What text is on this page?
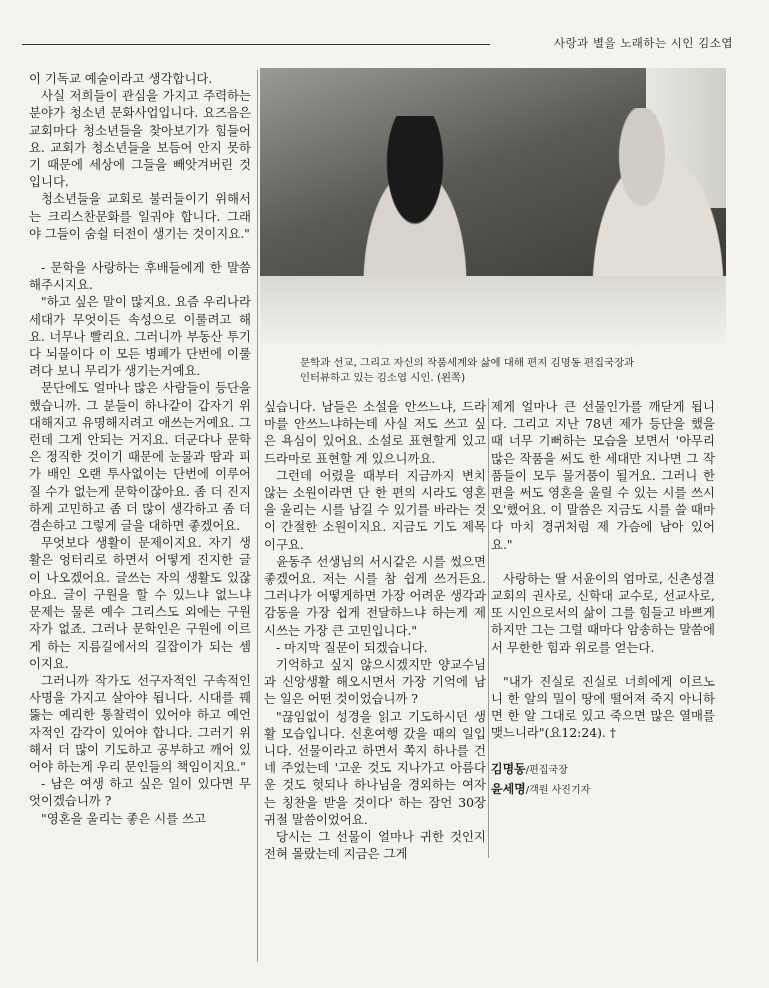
사랑과 별을 노래하는 시인 김소엽

이 기독교 예술이라고 생각합니다.

사실 저희들이 관심을 가지고 주력하는 분야가 청소년 문화사업입니다. 요즈음은 교회마다 청소년들을 찾아보기가 힘들어요. 교회가 청소년들을 보듬어 안지 못하기 때문에 세상에 그들을 빼앗겨버린 것입니다.

청소년들을 교회로 불러들이기 위해서는 크리스찬문화를 일궈야 합니다. 그래야 그들이 숨쉴 터전이 생기는 것이지요."

- 문학을 사랑하는 후배들에게 한 말씀 해주시지요.

"하고 싶은 말이 많지요. 요즘 우리나라 세대가 무엇이든 속성으로 이룰려고 해요. 너무나 빨리요. 그러니까 부동산 투기다 뇌물이다 이 모든 병폐가 단번에 이룰려다 보니 무리가 생기는거예요.

문단에도 얼마나 많은 사람들이 등단을 했습니까. 그 분들이 하나같이 갑자기 위대해지고 유명해지려고 애쓰는거예요. 그런데 그게 안되는 거지요. 더군다나 문학은 정직한 것이기 때문에 눈물과 땀과 피가 배인 오랜 투사없이는 단번에 이루어질 수가 없는게 문학이잖아요. 좀 더 진지하게 고민하고 좀 더 많이 생각하고 좀 더 겸손하고 그렇게 글을 대하면 좋겠어요.

무엇보다 생활이 문제이지요. 자기 생활은 엉터리로 하면서 어떻게 진지한 글이 나오겠어요. 글쓰는 자의 생활도 있잖아요. 글이 구원을 할 수 있느냐 없느냐 문제는 물론 예수 그리스도 외에는 구원자가 없죠. 그러나 문학인은 구원에 이르게 하는 지름길에서의 길잡이가 되는 셈이지요.

그러니까 작가도 선구자적인 구속적인 사명을 가지고 살아야 됩니다. 시대를 꿰뚫는 예리한 통찰력이 있어야 하고 예언자적인 감각이 있어야 합니다. 그러기 위해서 더 많이 기도하고 공부하고 깨어 있어야 하는게 우리 문인들의 책임이지요."

- 남은 여생 하고 싶은 일이 있다면 무엇이겠습니까 ?

"영혼을 울리는 좋은 시를 쓰고

문학과 선교, 그리고 자신의 작품세계와 삶에 대해 편지 김명동 편집국장과
인터뷰하고 있는 김소엽 시인. (왼쪽)

싶습니다. 남들은 소설을 안쓰느냐, 드라마를 안쓰느냐하는데 사실 저도 쓰고 싶은 욕심이 있어요. 소설로 표현할게 있고 드라마로 표현할 게 있으니까요.

그런데 어렸을 때부터 지금까지 변치 않는 소원이라면 단 한 편의 시라도 영혼을 울리는 시를 남길 수 있기를 바라는 것이 간절한 소원이지요. 지금도 기도 제목이구요.

윤동주 선생님의 서시같은 시를 썼으면 좋겠어요. 저는 시를 참 쉽게 쓰거든요. 그러나가 어떻게하면 가장 어려운 생각과 감동을 가장 쉽게 전달하느냐 하는게 제 시쓰는 가장 큰 고민입니다."

- 마지막 질문이 되겠습니다.

기억하고 싶지 않으시겠지만 양교수님과 신앙생활 해오시면서 가장 기억에 남는 일은 어떤 것이었습니까 ?

"끊임없이 성경을 읽고 기도하시던 생활 모습입니다. 신혼여행 갔을 때의 일입니다. 선물이라고 하면서 쪽지 하나를 건네 주었는데 '고운 것도 지나가고 아름다운 것도 헛되나 하나님을 경외하는 여자는 칭찬을 받을 것이다' 하는 잠언 30장 귀절 말씀이었어요.

당시는 그 선물이 얼마나 귀한 것인지 전혀 몰랐는데 지금은 그게

제게 얼마나 큰 선물인가를 깨닫게 됩니다. 그리고 지난 78년 제가 등단을 했을 때 너무 기뻐하는 모습을 보면서 '아무리 많은 작품을 써도 한 세대만 지나면 그 작품들이 모두 물거품이 될거요. 그러니 한편을 써도 영혼을 울릴 수 있는 시를 쓰시오'했어요. 이 말씀은 지금도 시를 쓸 때마다 마치 경귀처럼 제 가슴에 남아 있어요."

사랑하는 딸 서윤이의 엄마로, 신촌성결교회의 권사로, 신학대 교수로, 선교사로, 또 시인으로서의 삶이 그를 힘들고 바쁘게 하지만 그는 그럴 때마다 암송하는 말씀에서 무한한 힘과 위로를 얻는다.

"내가 진실로 진실로 너희에게 이르노니 한 알의 밀이 땅에 떨어져 죽지 아니하면 한 알 그대로 있고 죽으면 많은 열매를 맺느니라"(요12:24). †

김명동/편집국장
윤세명/객원 사진기자
